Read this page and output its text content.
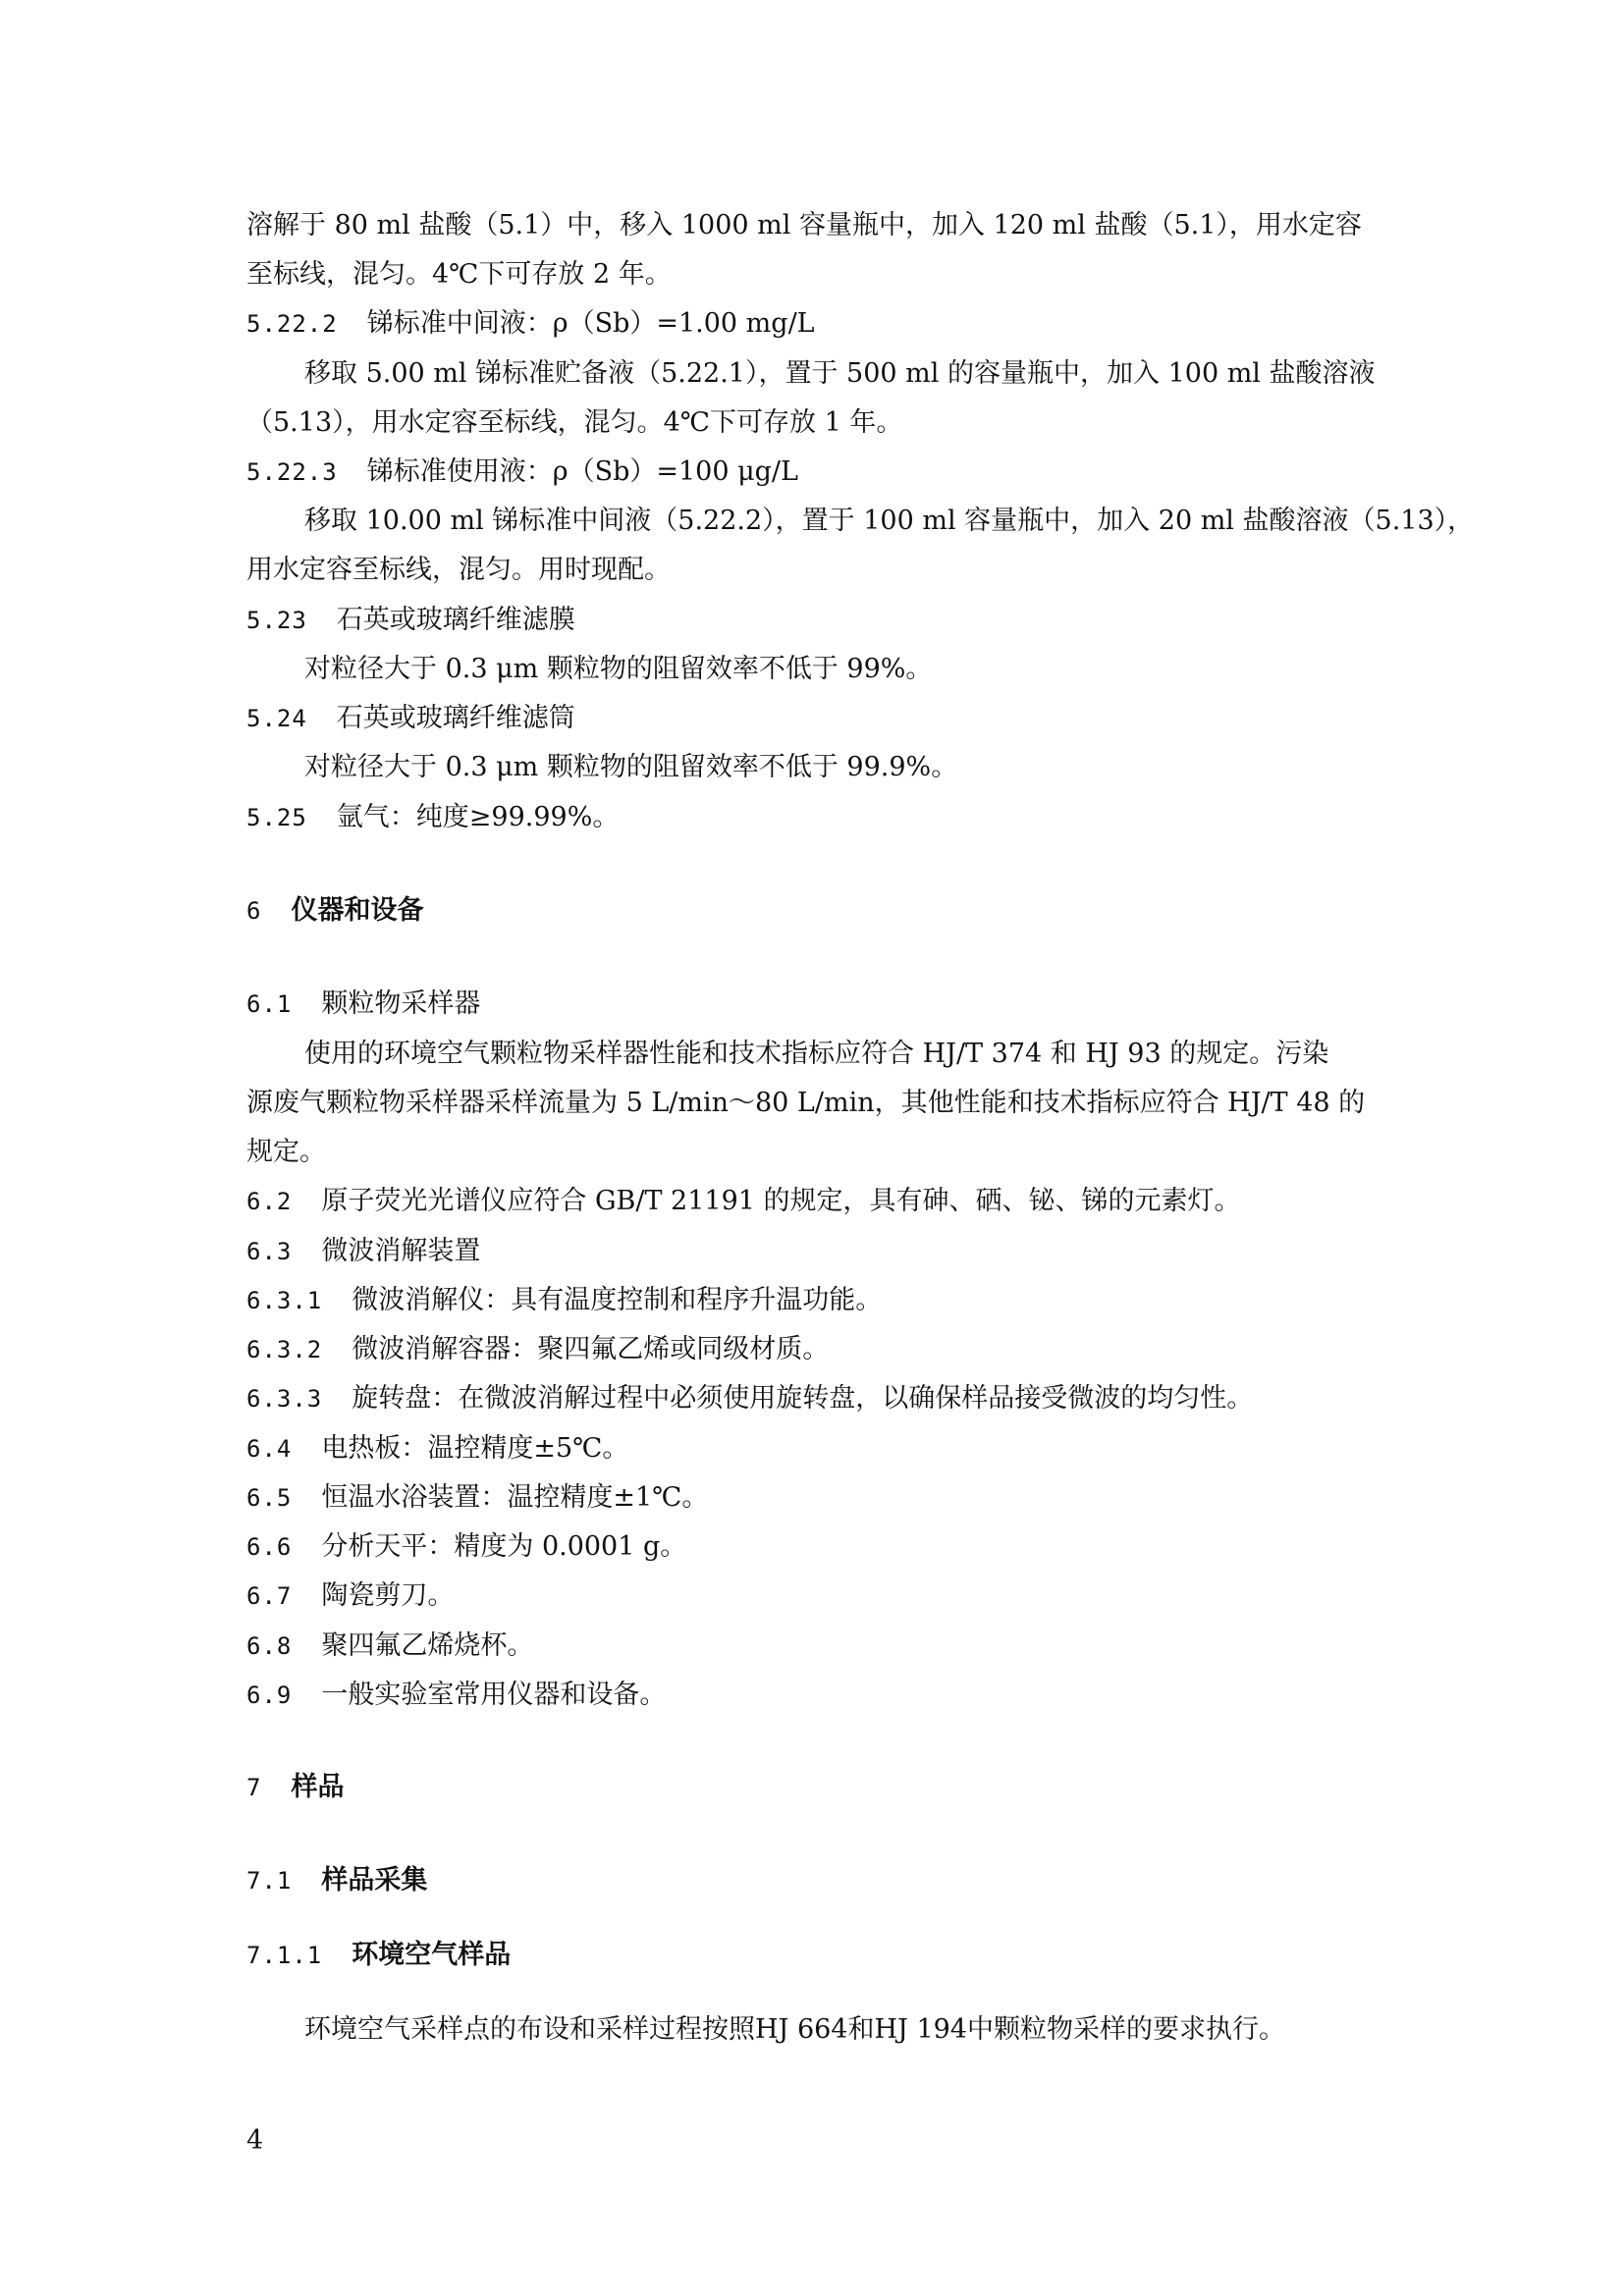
溶解于 80 ml 盐酸（5.1）中，移入 1000 ml 容量瓶中，加入 120 ml 盐酸（5.1），用水定容
至标线，混匀。4℃下可存放 2 年。
5.22.2 锑标准中间液：ρ（Sb）=1.00 mg/L
移取 5.00 ml 锑标准贮备液（5.22.1），置于 500 ml 的容量瓶中，加入 100 ml 盐酸溶液
（5.13），用水定容至标线，混匀。4℃下可存放 1 年。
5.22.3 锑标准使用液：ρ（Sb）=100 μg/L
移取 10.00 ml 锑标准中间液（5.22.2），置于 100 ml 容量瓶中，加入 20 ml 盐酸溶液（5.13），
用水定容至标线，混匀。用时现配。
5.23 石英或玻璃纤维滤膜
对粒径大于 0.3 μm 颗粒物的阻留效率不低于 99%。
5.24 石英或玻璃纤维滤筒
对粒径大于 0.3 μm 颗粒物的阻留效率不低于 99.9%。
5.25 氩气：纯度≥99.99%。
6 仪器和设备
6.1 颗粒物采样器
使用的环境空气颗粒物采样器性能和技术指标应符合 HJ/T 374 和 HJ 93 的规定。污染
源废气颗粒物采样器采样流量为 5 L/min～80 L/min，其他性能和技术指标应符合 HJ/T 48 的
规定。
6.2 原子荧光光谱仪应符合 GB/T 21191 的规定，具有砷、硒、铋、锑的元素灯。
6.3 微波消解装置
6.3.1 微波消解仪：具有温度控制和程序升温功能。
6.3.2 微波消解容器：聚四氟乙烯或同级材质。
6.3.3 旋转盘：在微波消解过程中必须使用旋转盘，以确保样品接受微波的均匀性。
6.4 电热板：温控精度±5℃。
6.5 恒温水浴装置：温控精度±1℃。
6.6 分析天平：精度为 0.0001 g。
6.7 陶瓷剪刀。
6.8 聚四氟乙烯烧杯。
6.9 一般实验室常用仪器和设备。
7 样品
7.1 样品采集
7.1.1 环境空气样品
环境空气采样点的布设和采样过程按照HJ 664和HJ 194中颗粒物采样的要求执行。
4
